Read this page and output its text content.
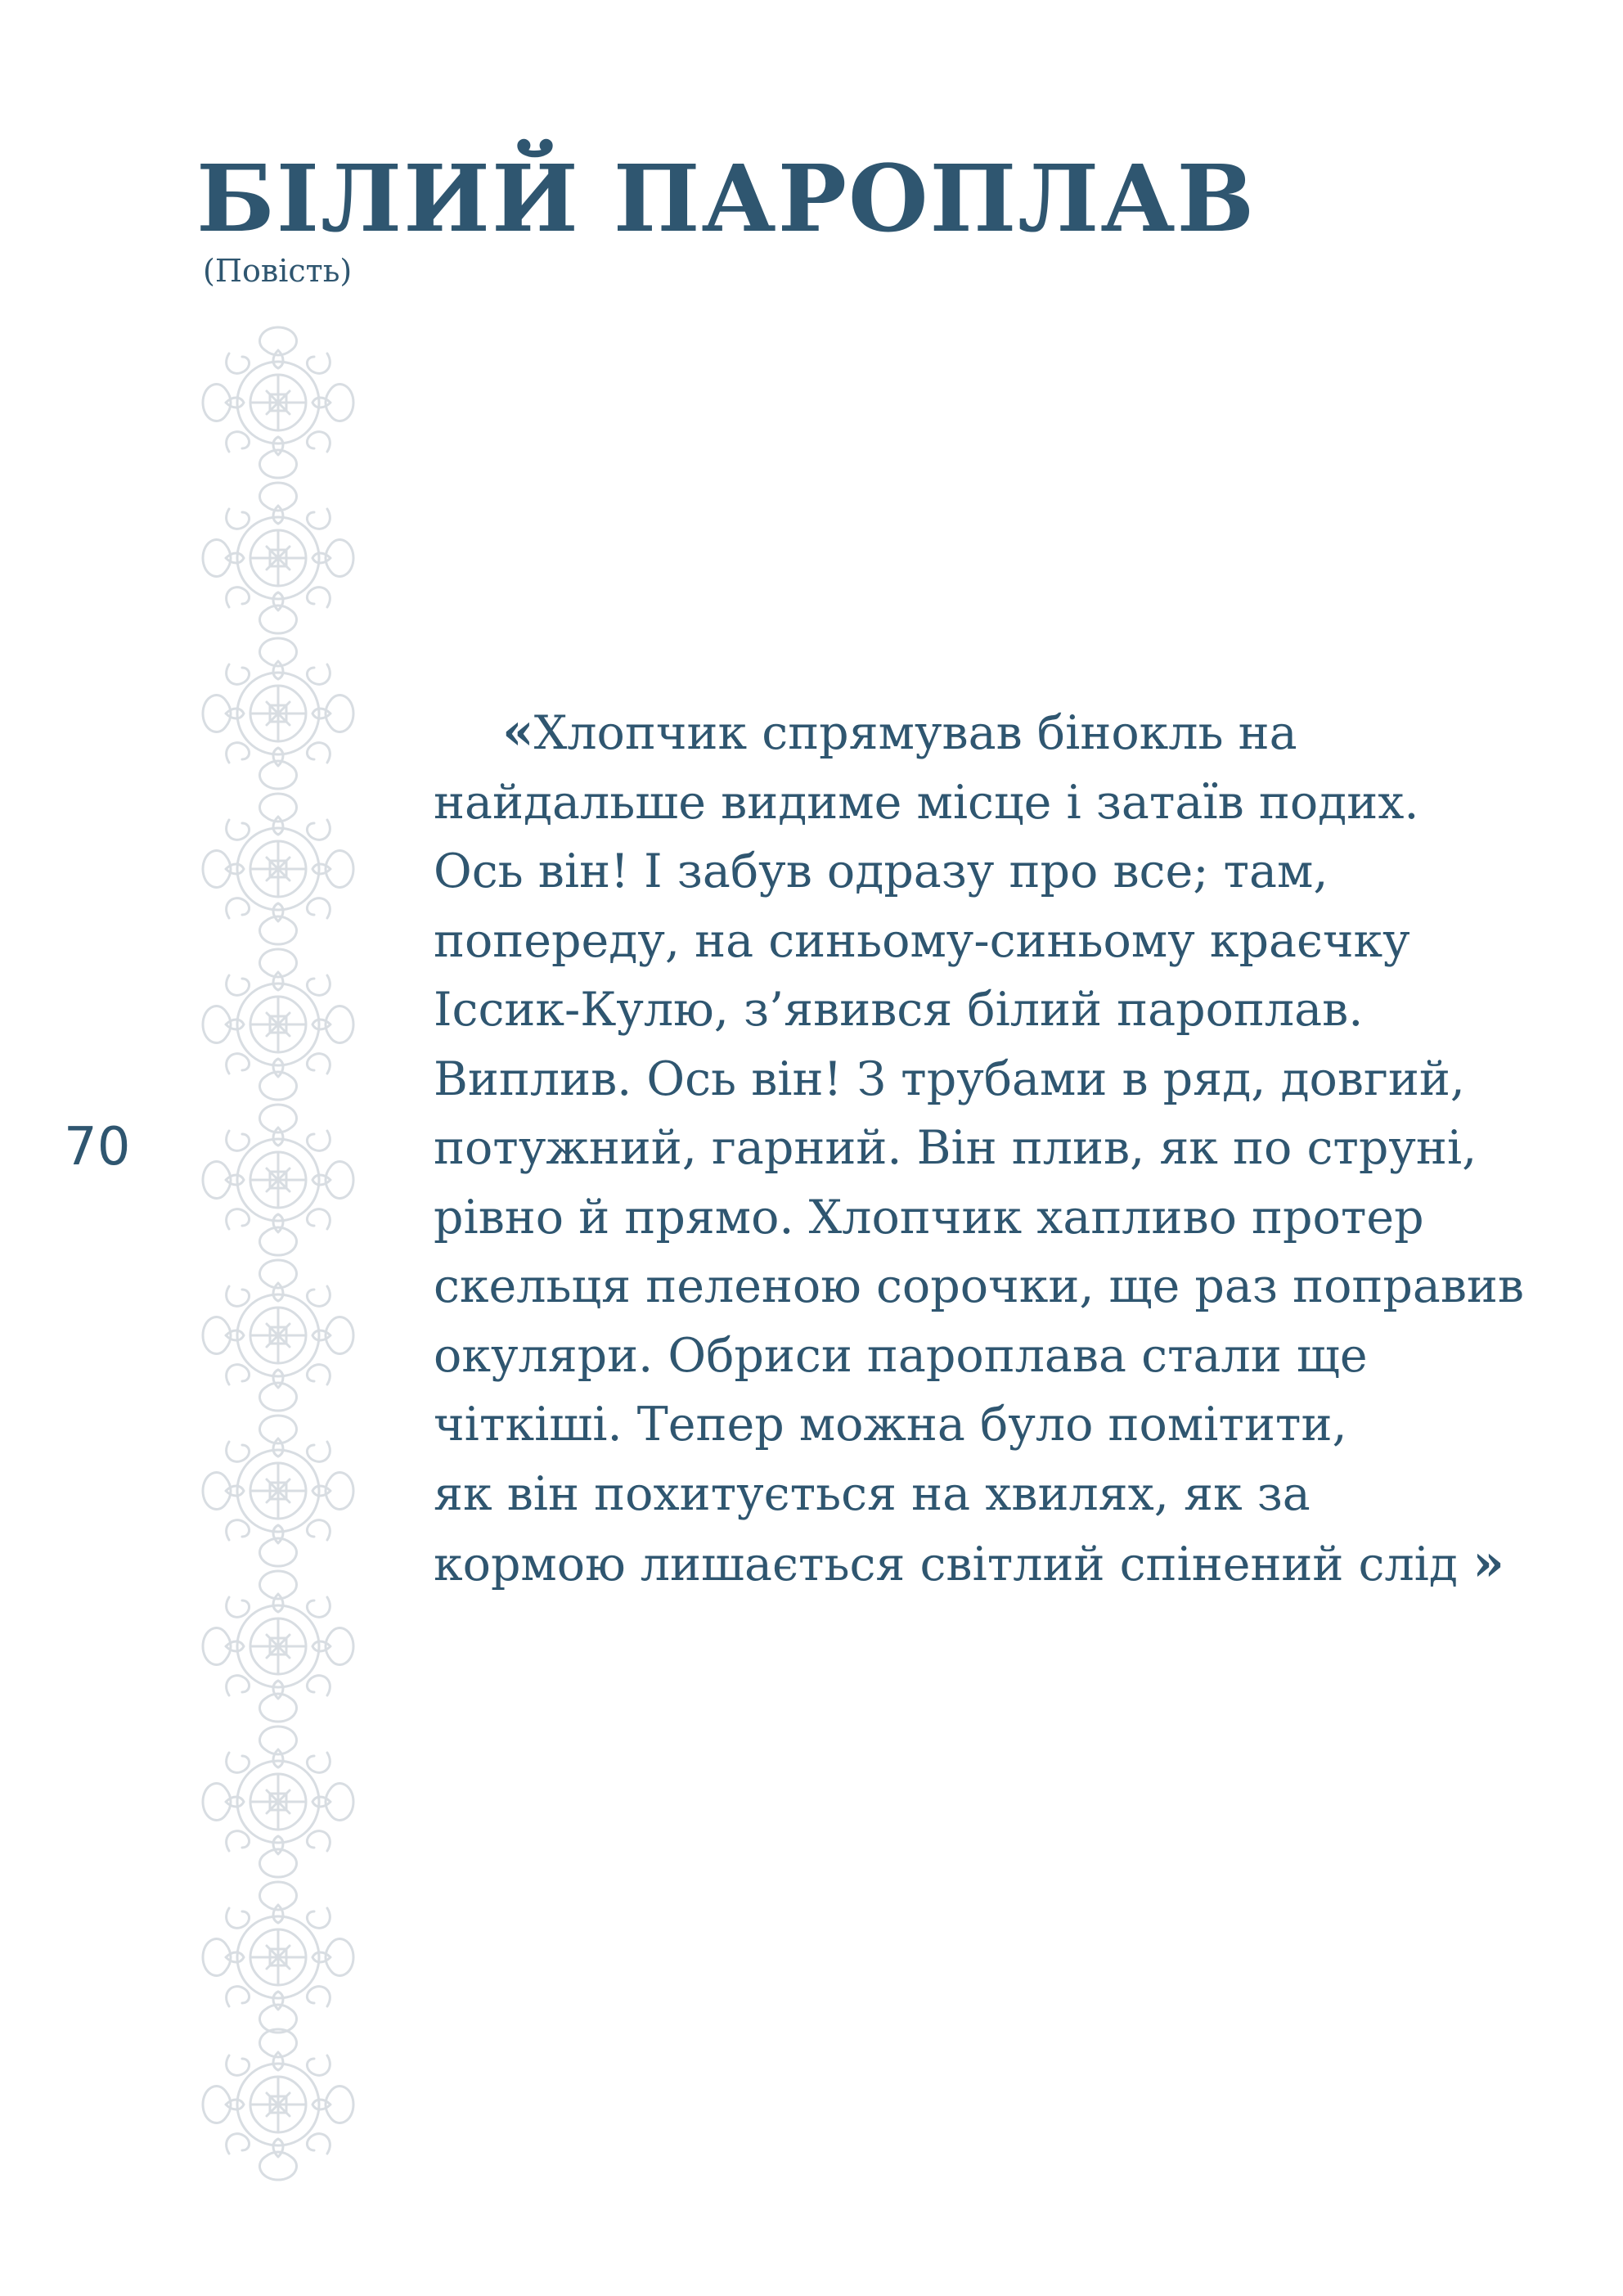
БІЛИЙ ПАРОПЛАВ

(Повість)

70

«Хлопчик спрямував бінокль на
найдальше видиме місце і затаїв подих.
Ось він! І забув одразу про все; там,
попереду, на синьому-синьому краєчку
Іссик-Кулю, з’явився білий пароплав.
Виплив. Ось він! З трубами в ряд, довгий,
потужний, гарний. Він плив, як по струні,
рівно й прямо. Хлопчик хапливо протер
скельця пеленою сорочки, ще раз поправив
окуляри. Обриси пароплава стали ще
чіткіші. Тепер можна було помітити,
як він похитується на хвилях, як за
кормою лишається світлий спінений слід »
